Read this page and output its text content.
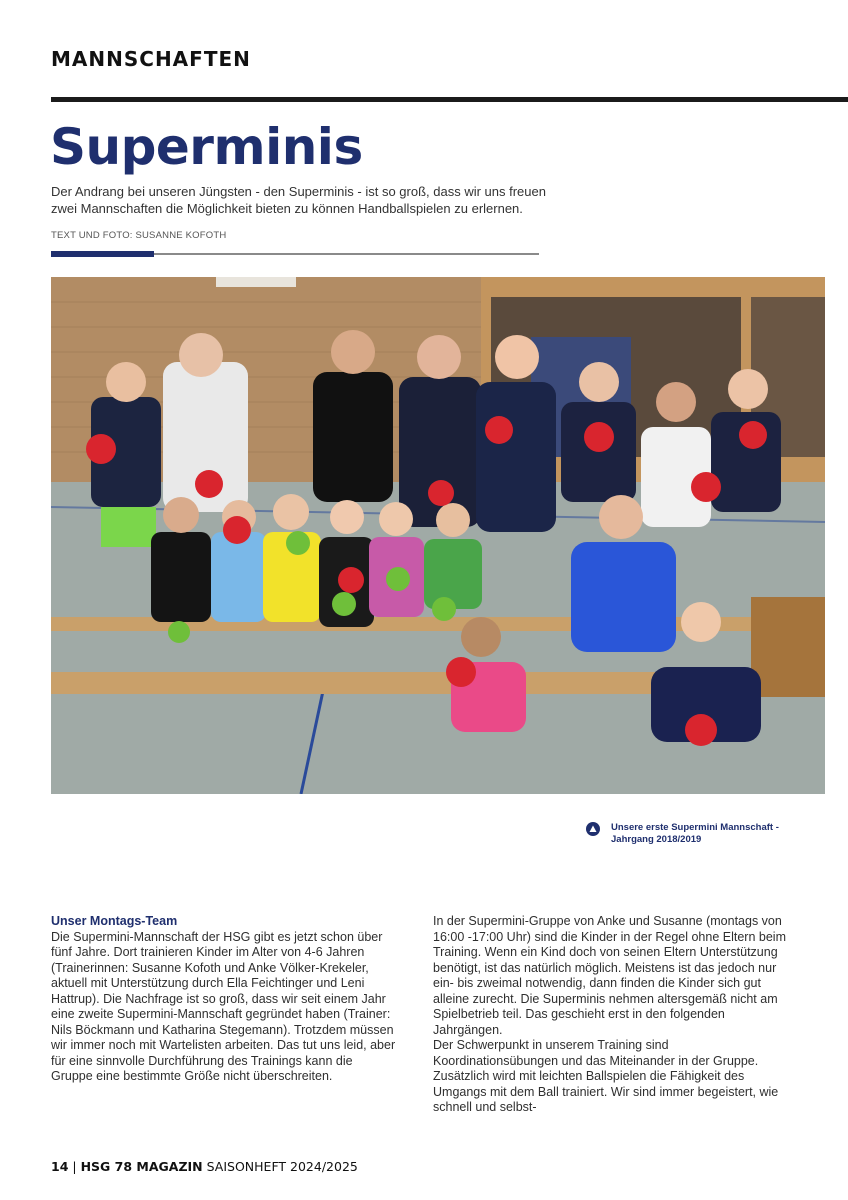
MANNSCHAFTEN
Superminis
Der Andrang bei unseren Jüngsten - den Superminis - ist so groß, dass wir uns freuen zwei Mannschaften die Möglichkeit bieten zu können Handballspielen zu erlernen.
TEXT UND FOTO: SUSANNE KOFOTH
Unsere erste Supermini Mannschaft - Jahrgang 2018/2019
Unser Montags-Team

Die Supermini-Mannschaft der HSG gibt es jetzt schon über fünf Jahre. Dort trainieren Kinder im Alter von 4-6 Jahren (Trainerinnen: Susanne Kofoth und Anke Völker-Krekeler, aktuell mit Unterstützung durch Ella Feichtinger und Leni Hattrup). Die Nachfrage ist so groß, dass wir seit einem Jahr eine zweite Supermini-Mannschaft gegründet haben (Trainer: Nils Böckmann und Katharina Stegemann). Trotzdem müssen wir immer noch mit Wartelisten arbeiten. Das tut uns leid, aber für eine sinnvolle Durchführung des Trainings kann die Gruppe eine bestimmte Größe nicht überschreiten.

In der Supermini-Gruppe von Anke und Susanne (montags von 16:00 -17:00 Uhr) sind die Kinder in der Regel ohne Eltern beim Training. Wenn ein Kind doch von seinen Eltern Unterstützung benötigt, ist das natürlich möglich. Meistens ist das jedoch nur ein- bis zweimal notwendig, dann finden die Kinder sich gut alleine zurecht. Die Superminis nehmen altersgemäß nicht am Spielbetrieb teil. Das geschieht erst in den folgenden Jahrgängen.

Der Schwerpunkt in unserem Training sind Koordinationsübungen und das Miteinander in der Gruppe. Zusätzlich wird mit leichten Ballspielen die Fähigkeit des Umgangs mit dem Ball trainiert. Wir sind immer begeistert, wie schnell und selbst-

14 | HSG 78 MAGAZIN SAISONHEFT 2024/2025
